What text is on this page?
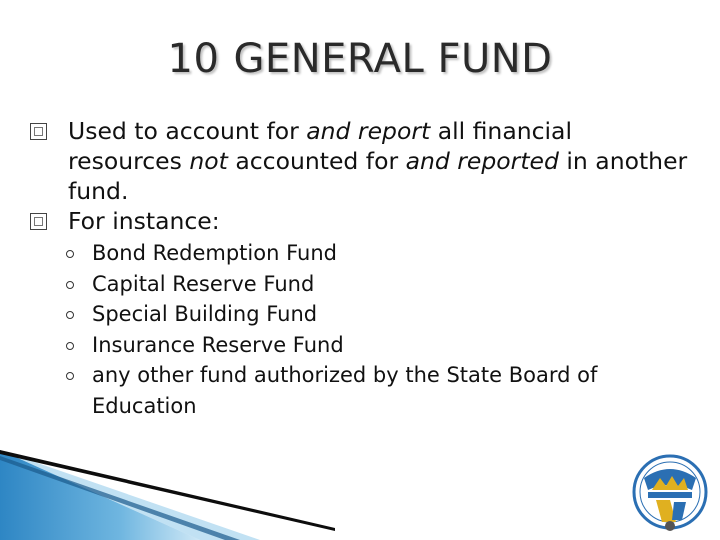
10 GENERAL FUND
Used to account for and report all financial resources not accounted for and reported in another fund.
For instance:
Bond Redemption Fund
Capital Reserve Fund
Special Building Fund
Insurance Reserve Fund
any other fund authorized by the State Board of Education
